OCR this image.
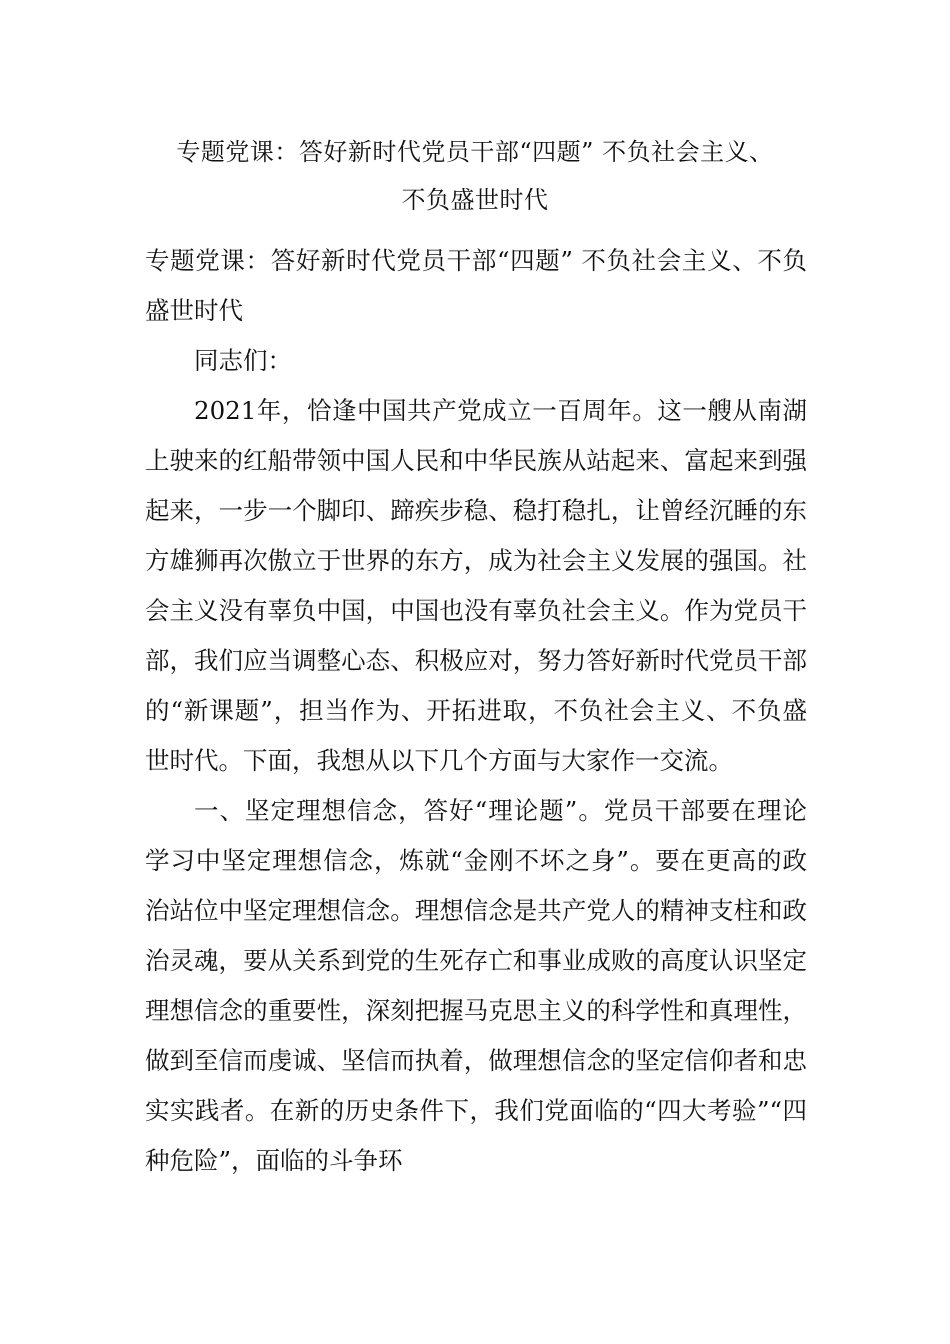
专题党课：答好新时代党员干部“四题” 不负社会主义、
不负盛世时代

专题党课：答好新时代党员干部“四题” 不负社会主义、不负盛世时代

同志们：

2021年，恰逢中国共产党成立一百周年。这一艘从南湖上驶来的红船带领中国人民和中华民族从站起来、富起来到强起来，一步一个脚印、蹄疾步稳、稳打稳扎，让曾经沉睡的东方雄狮再次傲立于世界的东方，成为社会主义发展的强国。社会主义没有辜负中国，中国也没有辜负社会主义。作为党员干部，我们应当调整心态、积极应对，努力答好新时代党员干部的“新课题”，担当作为、开拓进取，不负社会主义、不负盛世时代。下面，我想从以下几个方面与大家作一交流。

一、坚定理想信念，答好“理论题”。党员干部要在理论学习中坚定理想信念，炼就“金刚不坏之身”。要在更高的政治站位中坚定理想信念。理想信念是共产党人的精神支柱和政治灵魂，要从关系到党的生死存亡和事业成败的高度认识坚定理想信念的重要性，深刻把握马克思主义的科学性和真理性，做到至信而虔诚、坚信而执着，做理想信念的坚定信仰者和忠实实践者。在新的历史条件下，我们党面临的“四大考验”“四种危险”，面临的斗争环
